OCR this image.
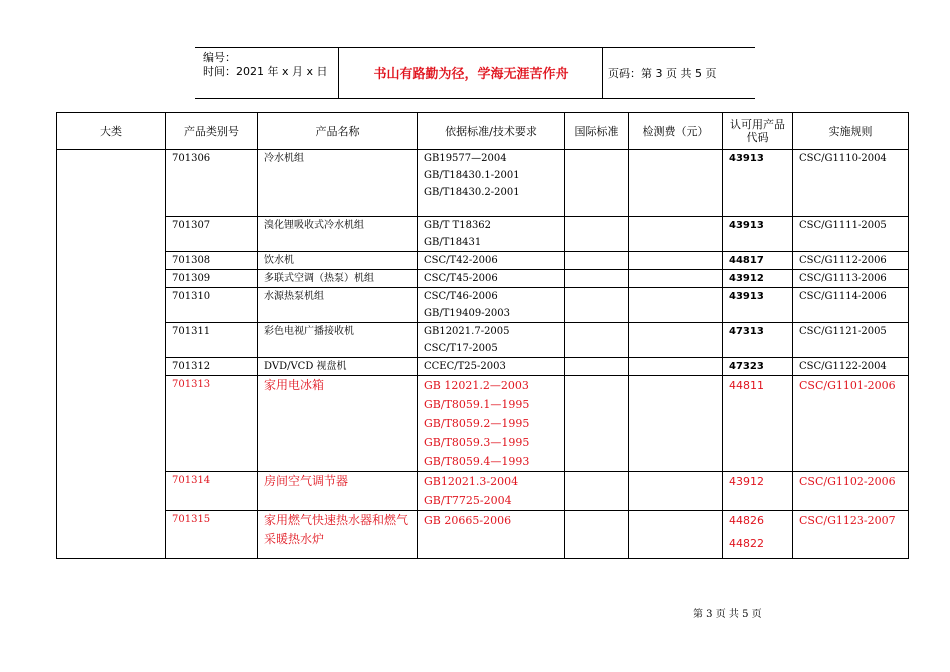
编号：
时间：2021 年 x 月 x 日	书山有路勤为径，学海无涯苦作舟	页码：第 3 页 共 5 页
大类	产品类别号	产品名称	依据标准/技术要求	国际标准	检测费（元）	认可用产品代码	实施规则
	701306	冷水机组	GB19577—2004
GB/T18430.1-2001
GB/T18430.2-2001			43913	CSC/G1110-2004
	701307	溴化锂吸收式冷水机组	GB/T T18362
GB/T18431			43913	CSC/G1111-2005
	701308	饮水机	CSC/T42-2006			44817	CSC/G1112-2006
	701309	多联式空调（热泵）机组	CSC/T45-2006			43912	CSC/G1113-2006
	701310	水源热泵机组	CSC/T46-2006
GB/T19409-2003			43913	CSC/G1114-2006
	701311	彩色电视广播接收机	GB12021.7-2005
CSC/T17-2005			47313	CSC/G1121-2005
	701312	DVD/VCD 视盘机	CCEC/T25-2003			47323	CSC/G1122-2004
	701313	家用电冰箱	GB 12021.2—2003
GB/T8059.1—1995
GB/T8059.2—1995
GB/T8059.3—1995
GB/T8059.4—1993			44811	CSC/G1101-2006
	701314	房间空气调节器	GB12021.3-2004
GB/T7725-2004			43912	CSC/G1102-2006
	701315	家用燃气快速热水器和燃气采暖热水炉	GB 20665-2006			44826
44822	CSC/G1123-2007
第 3 页 共 5 页
